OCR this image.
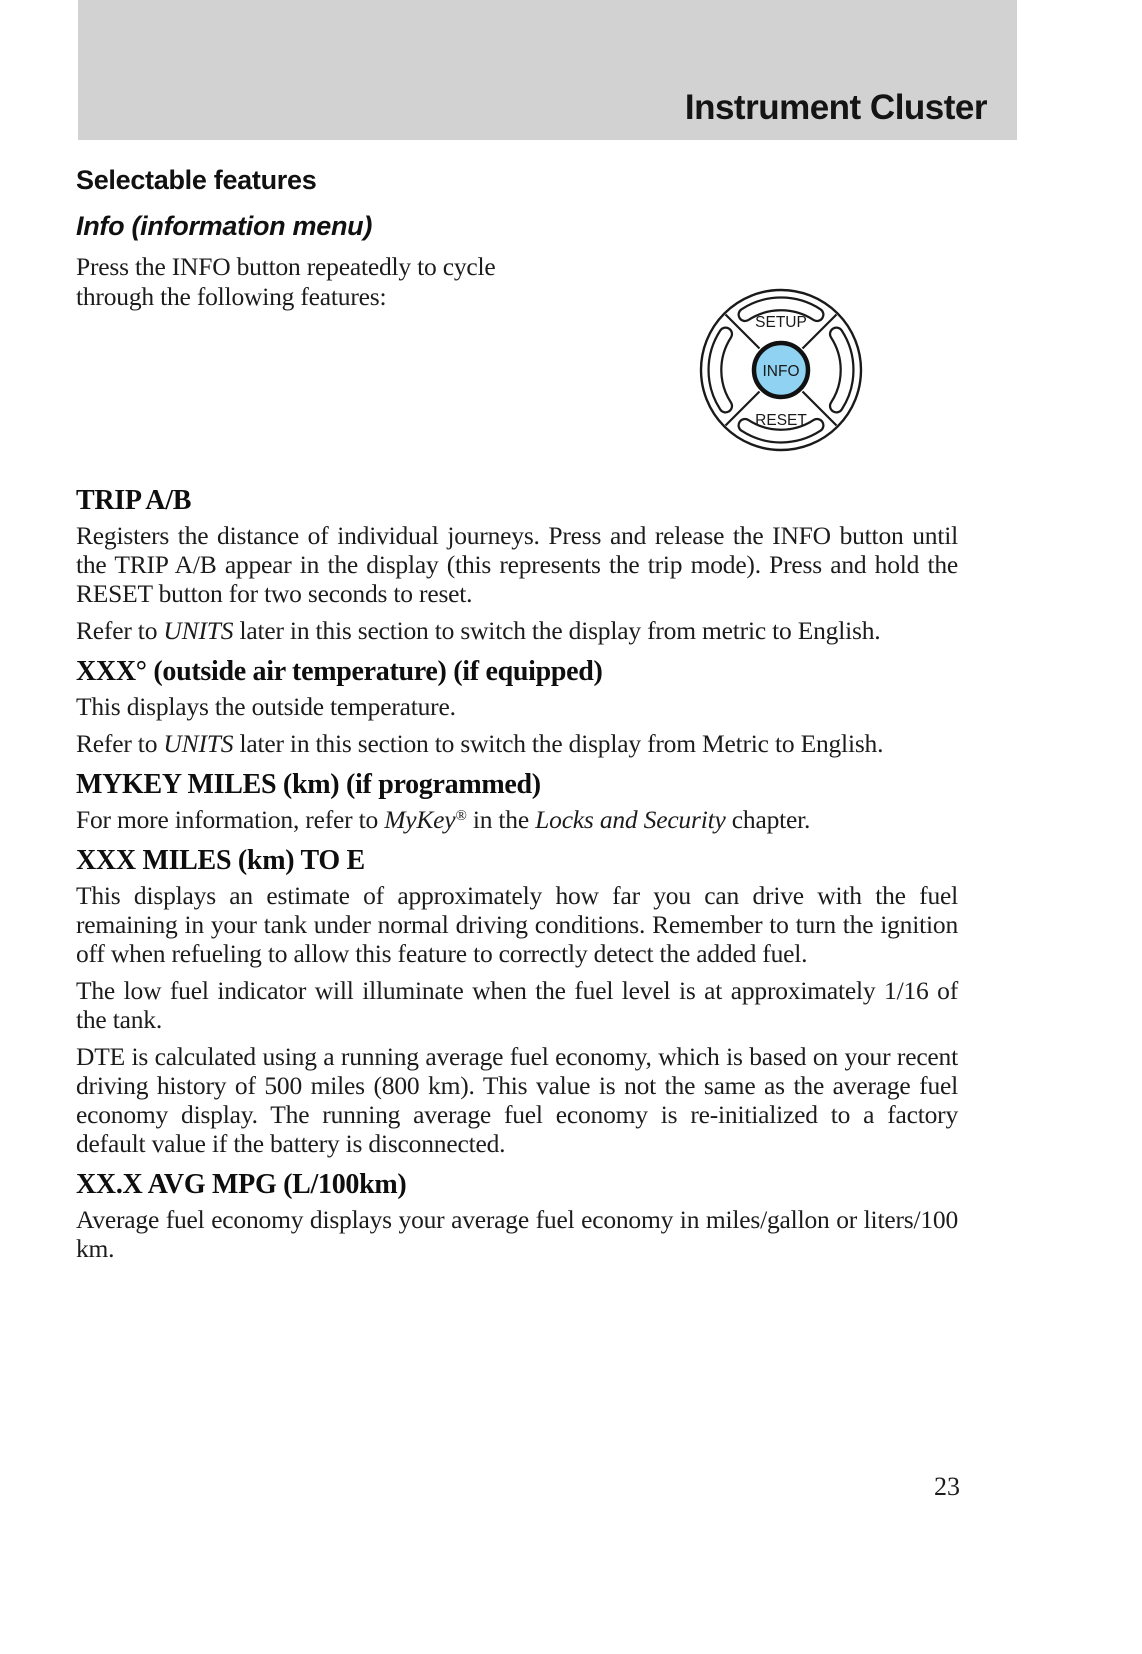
Instrument Cluster
Selectable features
Info (information menu)

Press the INFO button repeatedly to cycle through the following features:

TRIP A/B

Registers the distance of individual journeys. Press and release the INFO button until the TRIP A/B appear in the display (this represents the trip mode). Press and hold the RESET button for two seconds to reset.

Refer to UNITS later in this section to switch the display from metric to English.

XXX° (outside air temperature) (if equipped)

This displays the outside temperature.

Refer to UNITS later in this section to switch the display from Metric to English.

MYKEY MILES (km) (if programmed)

For more information, refer to MyKey® in the Locks and Security chapter.

XXX MILES (km) TO E

This displays an estimate of approximately how far you can drive with the fuel remaining in your tank under normal driving conditions. Remember to turn the ignition off when refueling to allow this feature to correctly detect the added fuel.

The low fuel indicator will illuminate when the fuel level is at approximately 1/16 of the tank.

DTE is calculated using a running average fuel economy, which is based on your recent driving history of 500 miles (800 km). This value is not the same as the average fuel economy display. The running average fuel economy is re-initialized to a factory default value if the battery is disconnected.

XX.X AVG MPG (L/100km)

Average fuel economy displays your average fuel economy in miles/gallon or liters/100 km.

SETUP
INFO
RESET
23
